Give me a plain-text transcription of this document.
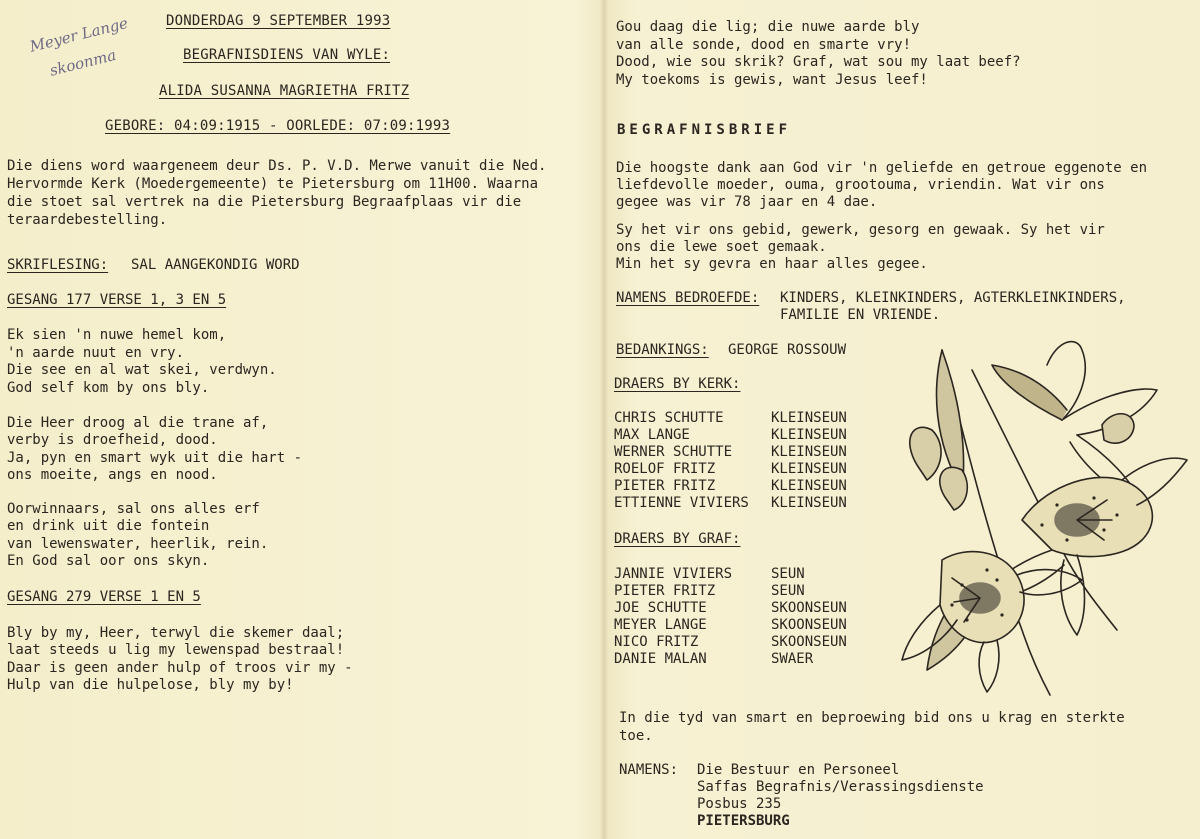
Meyer Lange
skoonma
DONDERDAG 9 SEPTEMBER 1993
BEGRAFNISDIENS VAN WYLE:
ALIDA SUSANNA MAGRIETHA FRITZ
GEBORE: 04:09:1915 - OORLEDE: 07:09:1993
Die diens word waargeneem deur Ds. P. V.D. Merwe vanuit die Ned.
Hervormde Kerk (Moedergemeente) te Pietersburg om 11H00. Waarna
die stoet sal vertrek na die Pietersburg Begraafplaas vir die
teraardebestelling.
SKRIFLESING: SAL AANGEKONDIG WORD
GESANG 177 VERSE 1, 3 EN 5
Ek sien 'n nuwe hemel kom,
'n aarde nuut en vry.
Die see en al wat skei, verdwyn.
God self kom by ons bly.
Die Heer droog al die trane af,
verby is droefheid, dood.
Ja, pyn en smart wyk uit die hart -
ons moeite, angs en nood.
Oorwinnaars, sal ons alles erf
en drink uit die fontein
van lewenswater, heerlik, rein.
En God sal oor ons skyn.
GESANG 279 VERSE 1 EN 5
Bly by my, Heer, terwyl die skemer daal;
laat steeds u lig my lewenspad bestraal!
Daar is geen ander hulp of troos vir my -
Hulp van die hulpelose, bly my by!
Gou daag die lig; die nuwe aarde bly
van alle sonde, dood en smarte vry!
Dood, wie sou skrik? Graf, wat sou my laat beef?
My toekoms is gewis, want Jesus leef!
BEGRAFNISBRIEF
Die hoogste dank aan God vir 'n geliefde en getroue eggenote en
liefdevolle moeder, ouma, grootouma, vriendin. Wat vir ons
gegee was vir 78 jaar en 4 dae.
Sy het vir ons gebid, gewerk, gesorg en gewaak. Sy het vir
ons die lewe soet gemaak.
Min het sy gevra en haar alles gegee.
NAMENS BEDROEFDE: KINDERS, KLEINKINDERS, AGTERKLEINKINDERS,
FAMILIE EN VRIENDE.
BEDANKINGS: GEORGE ROSSOUW
DRAERS BY KERK:
CHRIS SCHUTTE	KLEINSEUN
MAX LANGE	KLEINSEUN
WERNER SCHUTTE	KLEINSEUN
ROELOF FRITZ	KLEINSEUN
PIETER FRITZ	KLEINSEUN
ETTIENNE VIVIERS KLEINSEUN
DRAERS BY GRAF:
JANNIE VIVIERS	SEUN
PIETER FRITZ	SEUN
JOE SCHUTTE	SKOONSEUN
MEYER LANGE	SKOONSEUN
NICO FRITZ	SKOONSEUN
DANIE MALAN	SWAER
In die tyd van smart en beproewing bid ons u krag en sterkte
toe.
NAMENS: Die Bestuur en Personeel
Saffas Begrafnis/Verassingsdienste
Posbus 235
PIETERSBURG
